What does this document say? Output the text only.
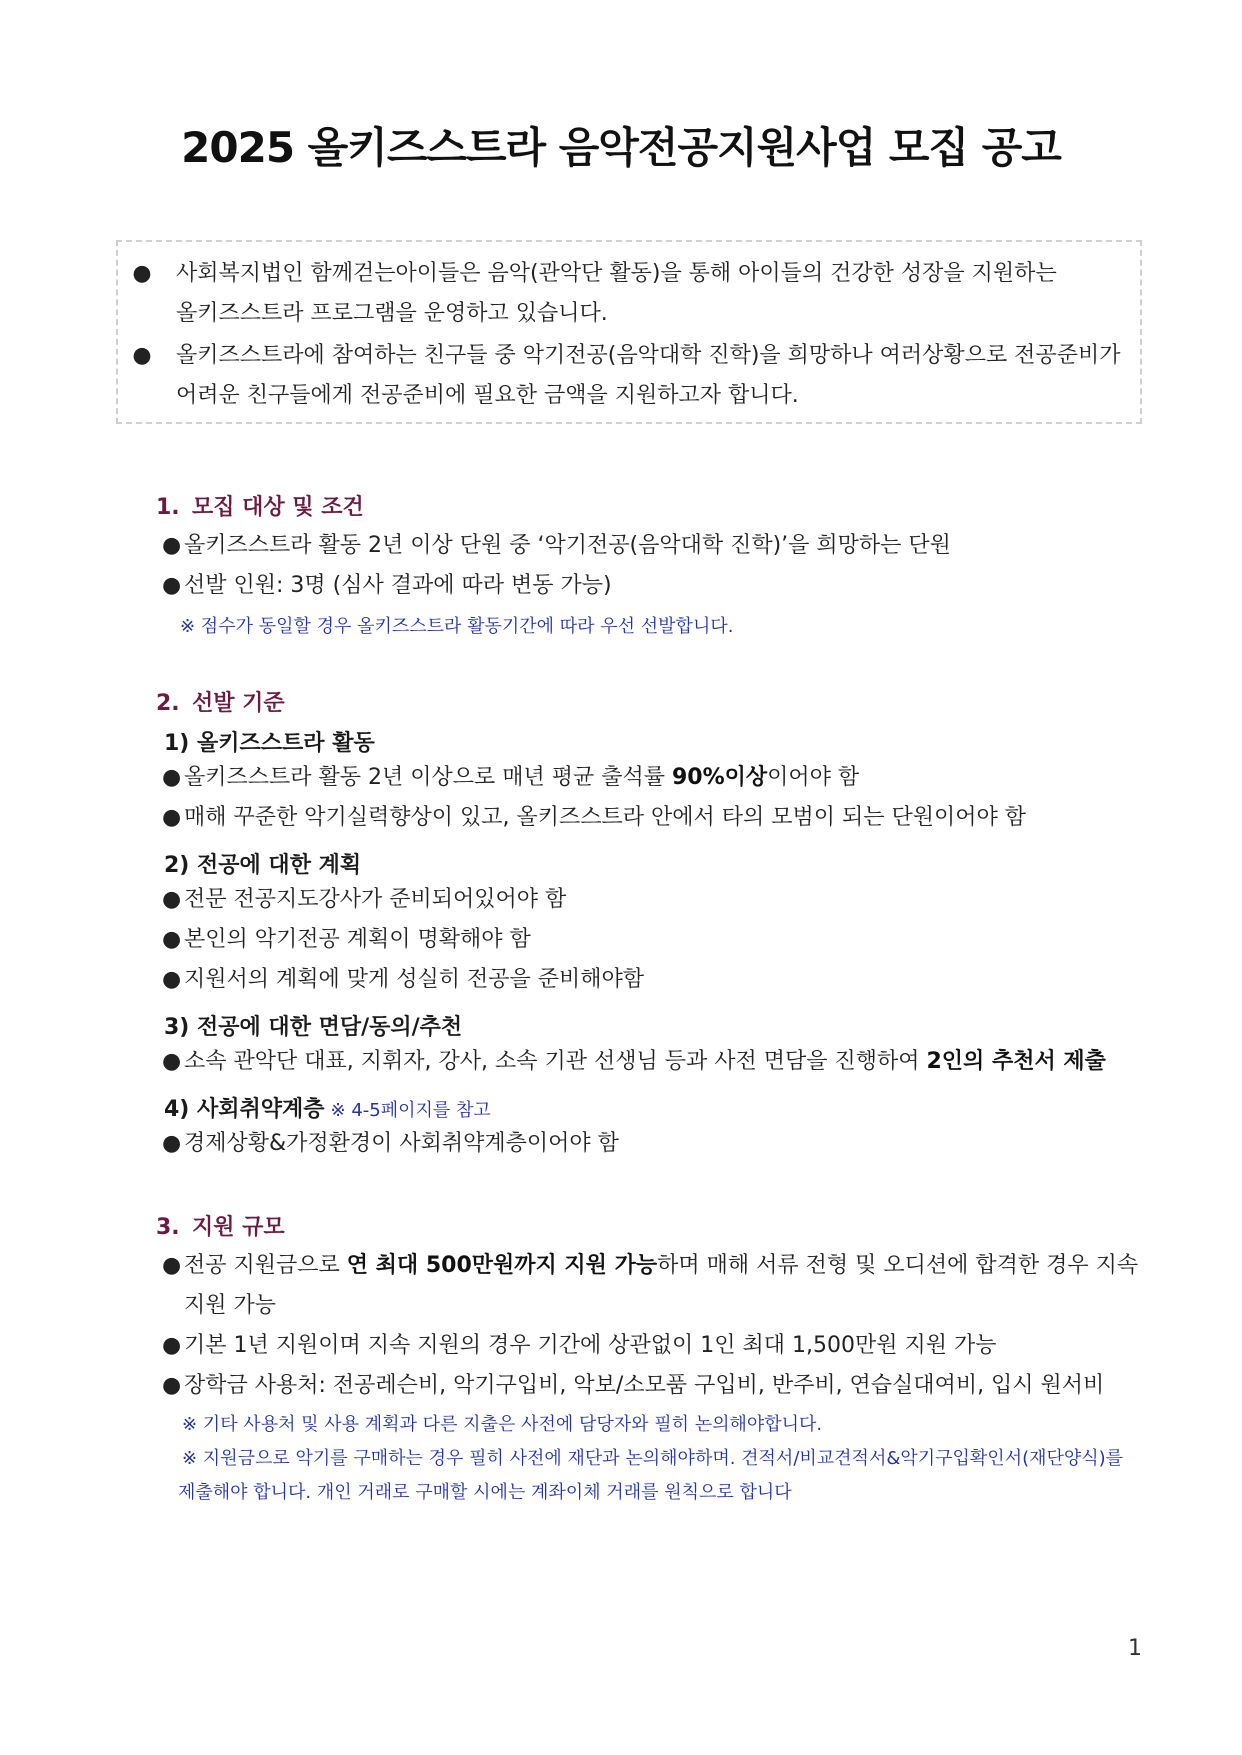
2025 올키즈스트라 음악전공지원사업 모집 공고
● 사회복지법인 함께걷는아이들은 음악(관악단 활동)을 통해 아이들의 건강한 성장을 지원하는
올키즈스트라 프로그램을 운영하고 있습니다.
● 올키즈스트라에 참여하는 친구들 중 악기전공(음악대학 진학)을 희망하나 여러상황으로 전공준비가
어려운 친구들에게 전공준비에 필요한 금액을 지원하고자 합니다.
1. 모집 대상 및 조건
● 올키즈스트라 활동 2년 이상 단원 중 ‘악기전공(음악대학 진학)’을 희망하는 단원
● 선발 인원: 3명 (심사 결과에 따라 변동 가능)
※ 점수가 동일할 경우 올키즈스트라 활동기간에 따라 우선 선발합니다.
2. 선발 기준
1) 올키즈스트라 활동
● 올키즈스트라 활동 2년 이상으로 매년 평균 출석률 90%이상이어야 함
● 매해 꾸준한 악기실력향상이 있고, 올키즈스트라 안에서 타의 모범이 되는 단원이어야 함
2) 전공에 대한 계획
● 전문 전공지도강사가 준비되어있어야 함
● 본인의 악기전공 계획이 명확해야 함
● 지원서의 계획에 맞게 성실히 전공을 준비해야함
3) 전공에 대한 면담/동의/추천
● 소속 관악단 대표, 지휘자, 강사, 소속 기관 선생님 등과 사전 면담을 진행하여 2인의 추천서 제출
4) 사회취약계층 ※ 4-5페이지를 참고
● 경제상황&가정환경이 사회취약계층이어야 함
3. 지원 규모
● 전공 지원금으로 연 최대 500만원까지 지원 가능하며 매해 서류 전형 및 오디션에 합격한 경우 지속
지원 가능
● 기본 1년 지원이며 지속 지원의 경우 기간에 상관없이 1인 최대 1,500만원 지원 가능
● 장학금 사용처: 전공레슨비, 악기구입비, 악보/소모품 구입비, 반주비, 연습실대여비, 입시 원서비
※ 기타 사용처 및 사용 계획과 다른 지출은 사전에 담당자와 필히 논의해야합니다.
※ 지원금으로 악기를 구매하는 경우 필히 사전에 재단과 논의해야하며. 견적서/비교견적서&악기구입확인서(재단양식)를
제출해야 합니다. 개인 거래로 구매할 시에는 계좌이체 거래를 원칙으로 합니다
1
